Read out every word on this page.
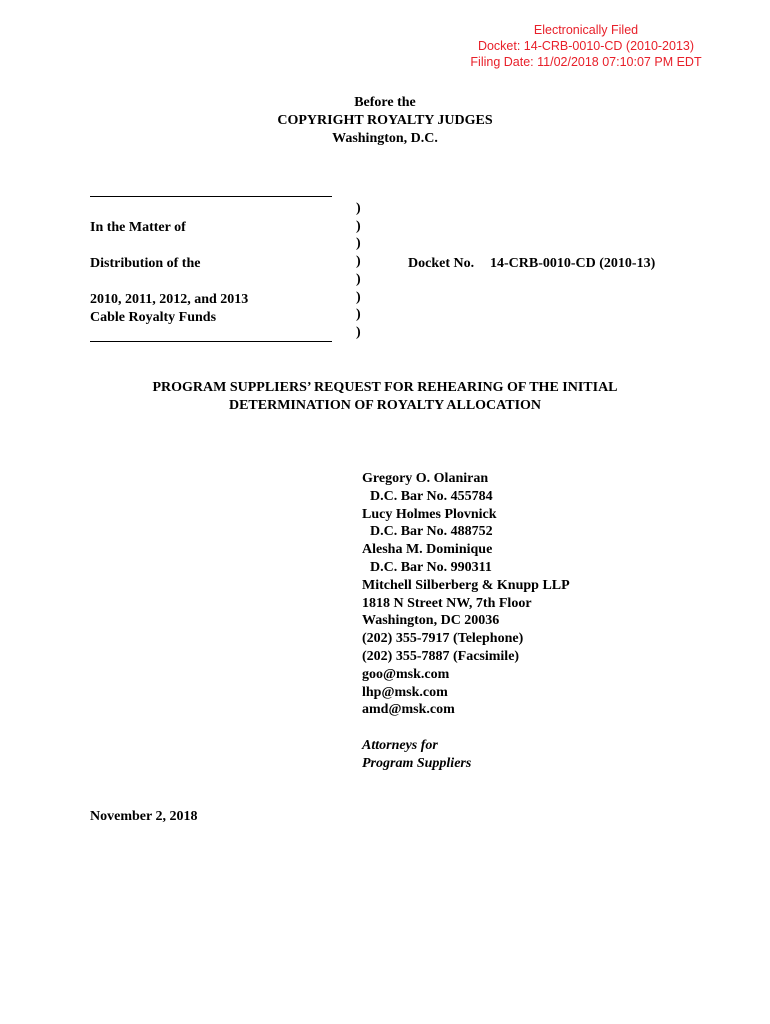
Electronically Filed
Docket: 14-CRB-0010-CD (2010-2013)
Filing Date: 11/02/2018 07:10:07 PM EDT
Before the
COPYRIGHT ROYALTY JUDGES
Washington, D.C.
In the Matter of
Distribution of the
2010, 2011, 2012, and 2013
Cable Royalty Funds
)
)
)
)
)
)
)
)
Docket No. 14-CRB-0010-CD (2010-13)
PROGRAM SUPPLIERS’ REQUEST FOR REHEARING OF THE INITIAL
DETERMINATION OF ROYALTY ALLOCATION
Gregory O. Olaniran
D.C. Bar No. 455784
Lucy Holmes Plovnick
D.C. Bar No. 488752
Alesha M. Dominique
D.C. Bar No. 990311
Mitchell Silberberg & Knupp LLP
1818 N Street NW, 7th Floor
Washington, DC 20036
(202) 355-7917 (Telephone)
(202) 355-7887 (Facsimile)
goo@msk.com
lhp@msk.com
amd@msk.com
Attorneys for
Program Suppliers
November 2, 2018
